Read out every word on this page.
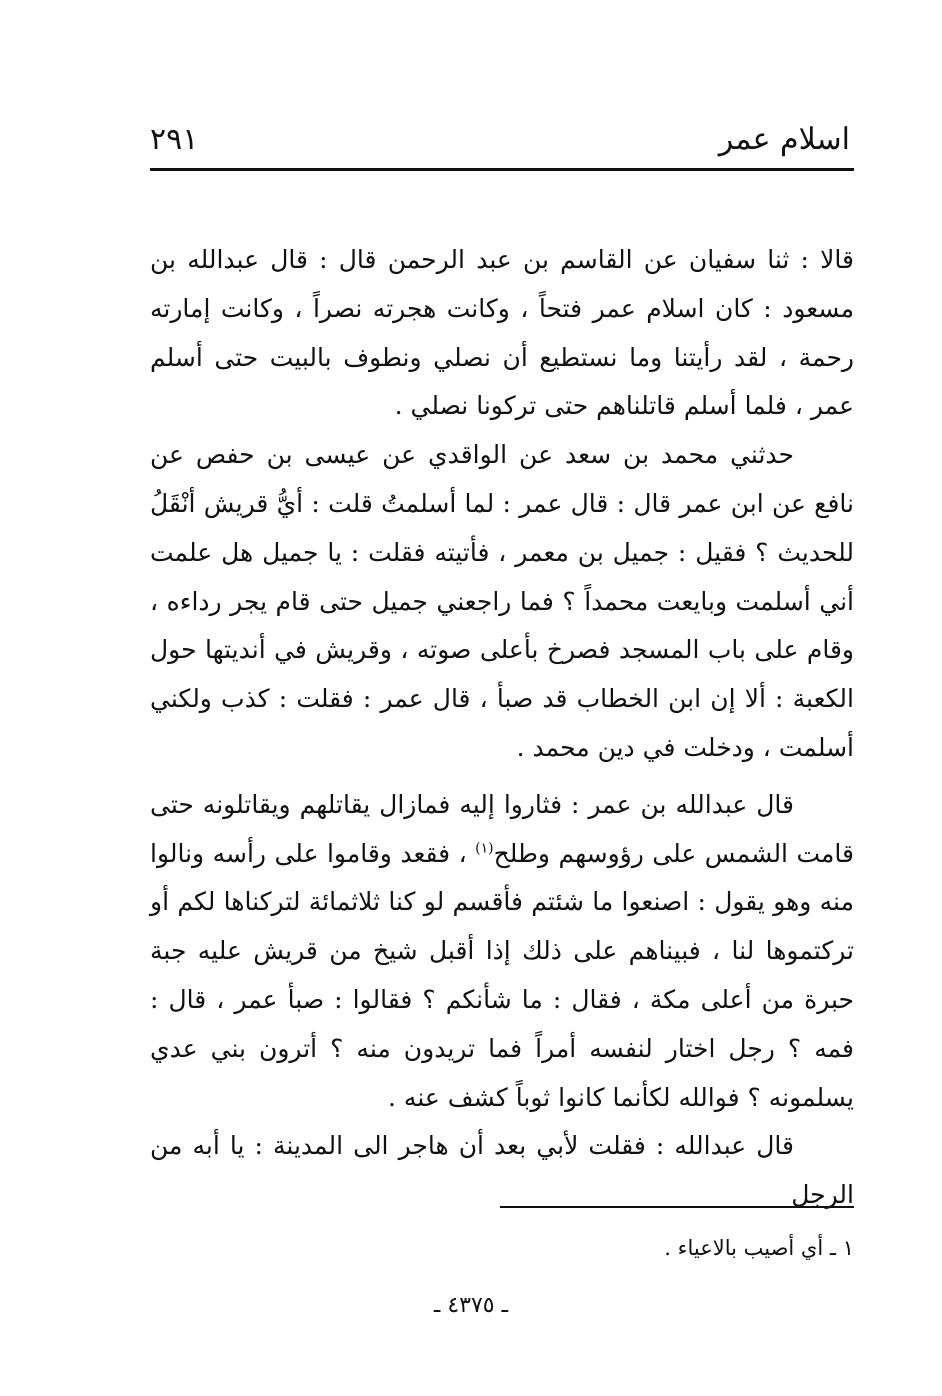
اسلام عمر
٢٩١

قالا : ثنا سفيان عن القاسم بن عبد الرحمن قال : قال عبدالله بن مسعود : كان اسلام عمر فتحاً ، وكانت هجرته نصراً ، وكانت إمارته رحمة ، لقد رأيتنا وما نستطيع أن نصلي ونطوف بالبيت حتى أسلم عمر ، فلما أسلم قاتلناهم حتى تركونا نصلي .

حدثني محمد بن سعد عن الواقدي عن عيسى بن حفص عن نافع عن ابن عمر قال : قال عمر : لما أسلمتُ قلت : أيُّ قريش أنْقَلُ للحديث ؟ فقيل : جميل بن معمر ، فأتيته فقلت : يا جميل هل علمت أني أسلمت وبايعت محمداً ؟ فما راجعني جميل حتى قام يجر رداءه ، وقام على باب المسجد فصرخ بأعلى صوته ، وقريش في أنديتها حول الكعبة : ألا إن ابن الخطاب قد صبأ ، قال عمر : فقلت : كذب ولكني أسلمت ، ودخلت في دين محمد .

قال عبدالله بن عمر : فثاروا إليه فمازال يقاتلهم ويقاتلونه حتى قامت الشمس على رؤوسهم وطلح$^{(١)}$ ، فقعد وقاموا على رأسه ونالوا منه وهو يقول : اصنعوا ما شئتم فأقسم لو كنا ثلاثمائة لتركناها لكم أو تركتموها لنا ، فبيناهم على ذلك إذا أقبل شيخ من قريش عليه جبة حبرة من أعلى مكة ، فقال : ما شأنكم ؟ فقالوا : صبأ عمر ، قال : فمه ؟ رجل اختار لنفسه أمراً فما تريدون منه ؟ أترون بني عدي يسلمونه ؟ فوالله لكأنما كانوا ثوباً كشف عنه .

قال عبدالله : فقلت لأبي بعد أن هاجر الى المدينة : يا أبه من الرجل

١ ـ أي أصيب بالاعياء .
ـ ٤٣٧٥ ـ
